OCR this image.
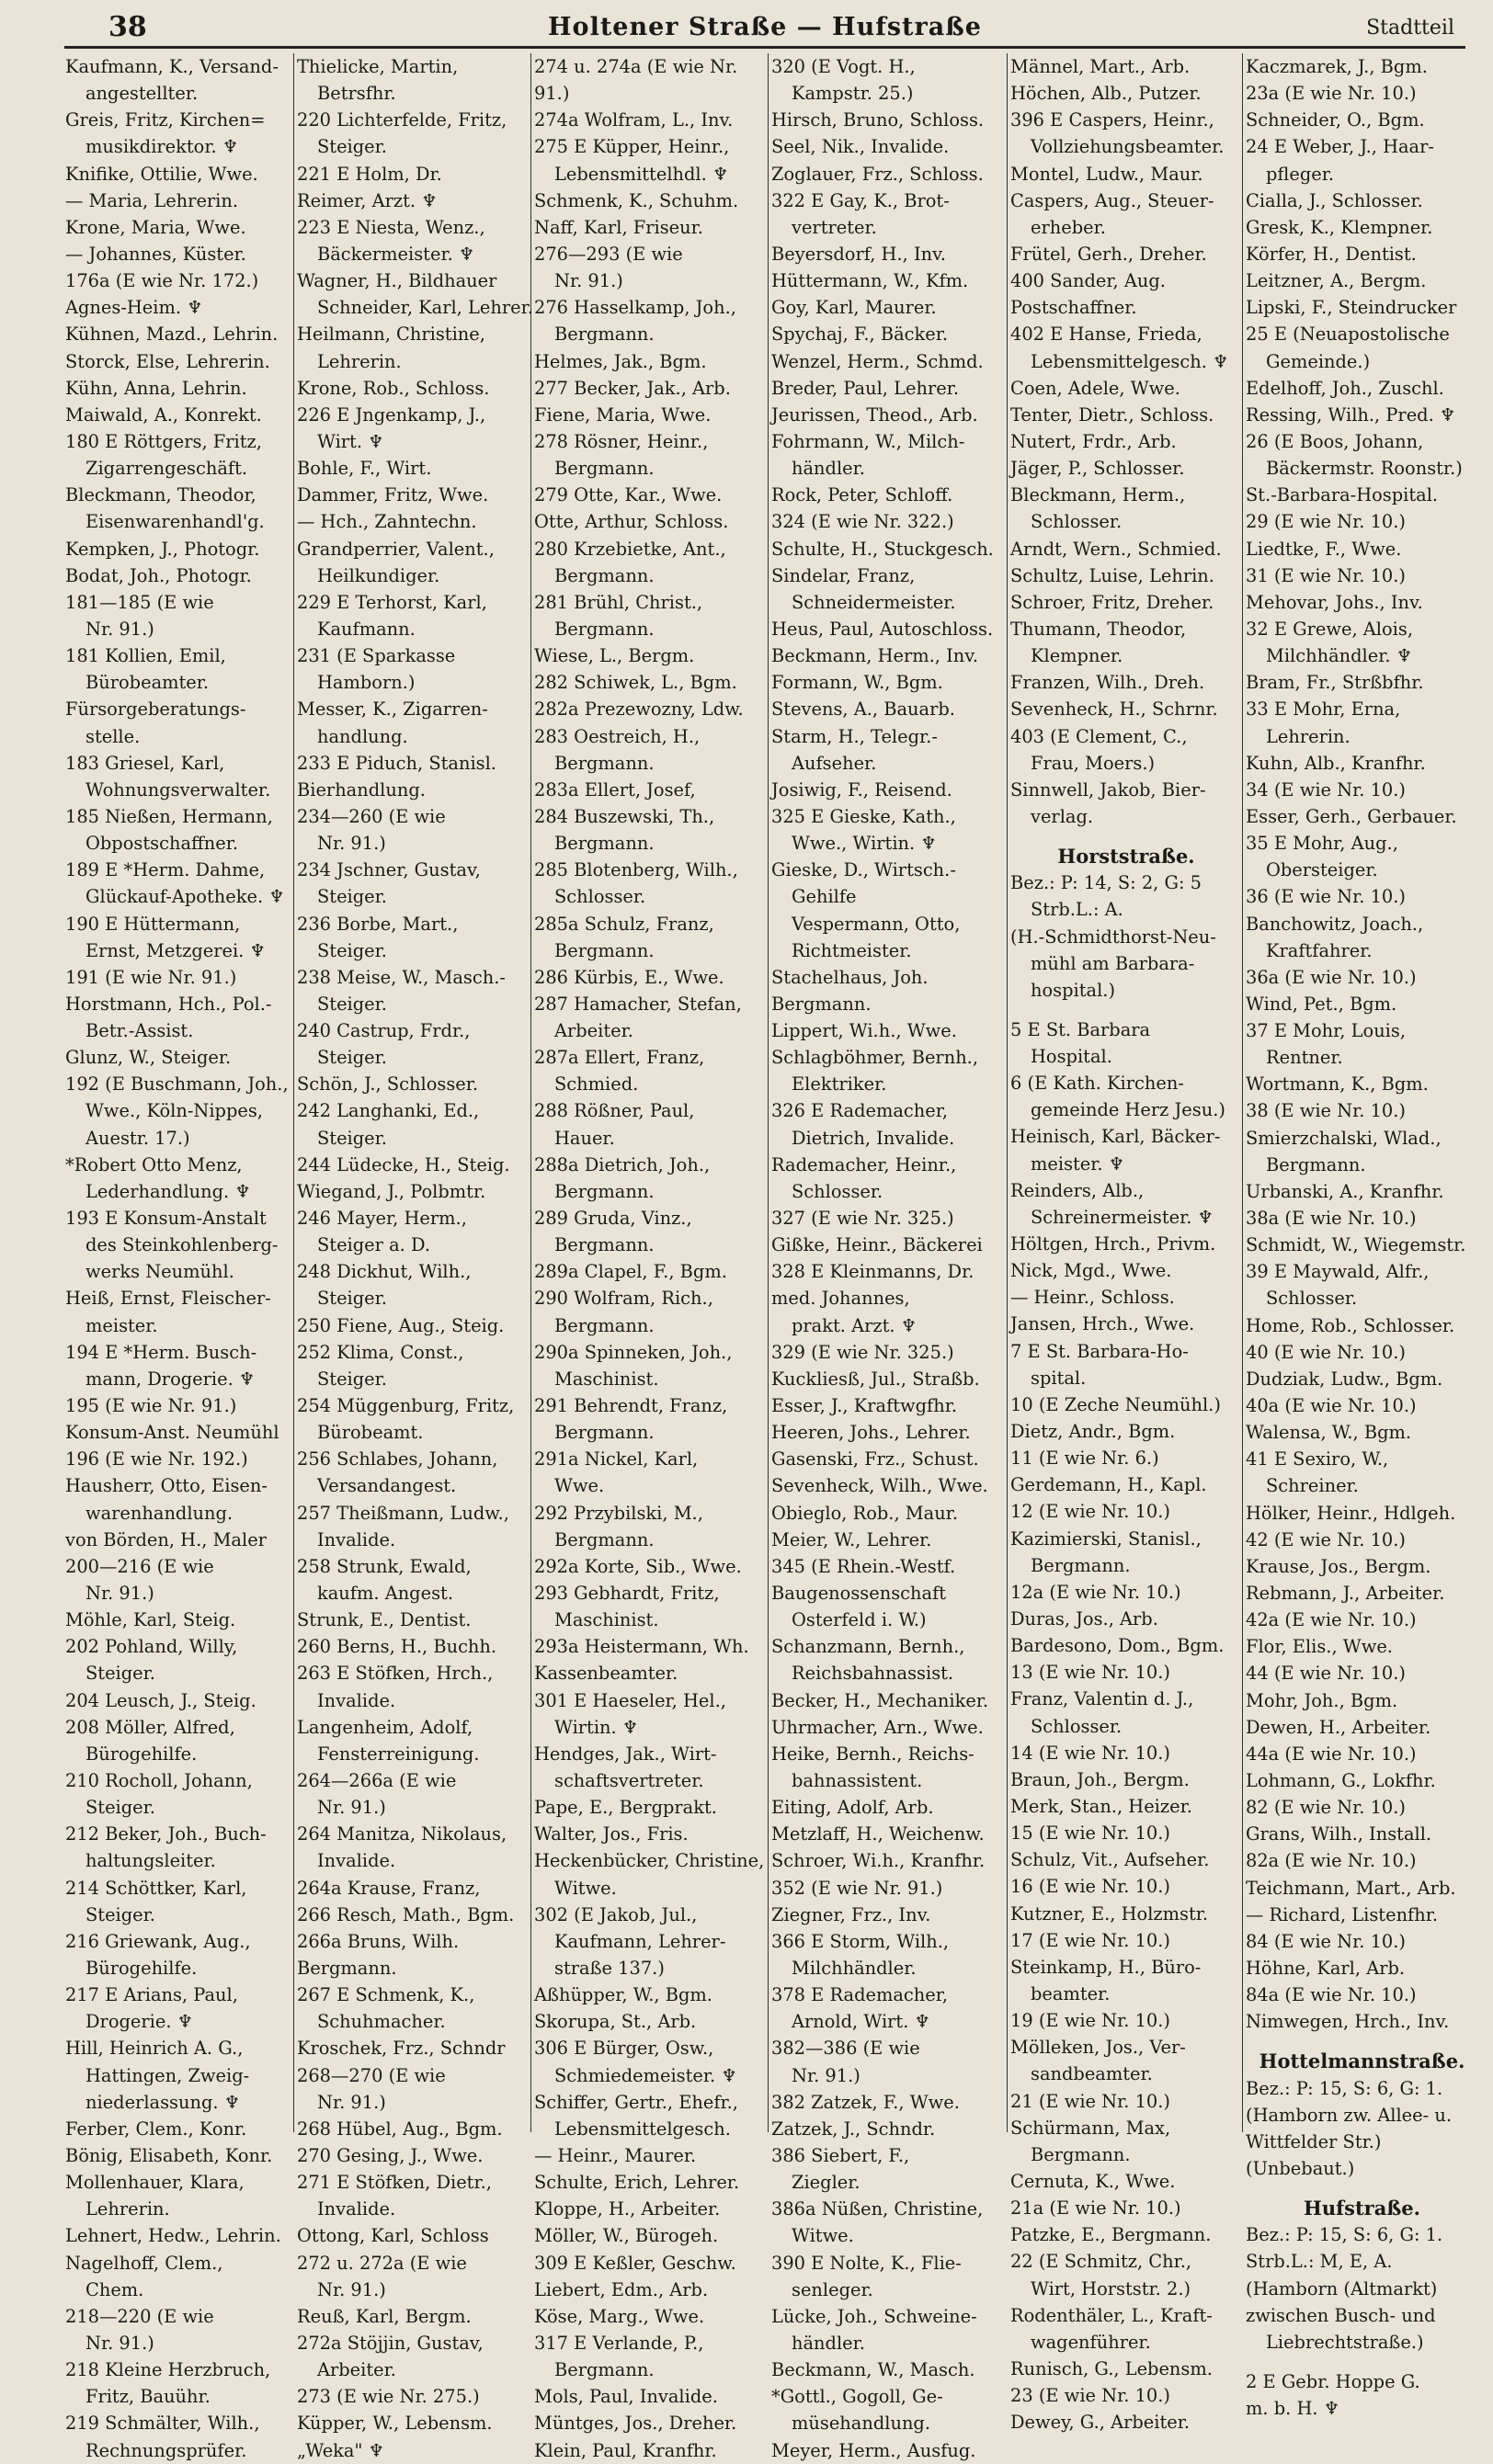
38	Holtener Straße — Hufstraße	Stadtteil
Kaufmann, K., Versand-
angestellter.
Greis, Fritz, Kirchen=
musikdirektor. ♆
Knifike, Ottilie, Wwe.
— Maria, Lehrerin.
Krone, Maria, Wwe.
— Johannes, Küster.
176a (E wie Nr. 172.)
Agnes-Heim. ♆
Kühnen, Mazd., Lehrin.
Storck, Else, Lehrerin.
Kühn, Anna, Lehrin.
Maiwald, A., Konrekt.
180 E Röttgers, Fritz,
Zigarrengeschäft.
Bleckmann, Theodor,
Eisenwarenhandl'g.
Kempken, J., Photogr.
Bodat, Joh., Photogr.
181—185 (E wie
Nr. 91.)
181 Kollien, Emil,
Bürobeamter.
Fürsorgeberatungs-
stelle.
183 Griesel, Karl,
Wohnungsverwalter.
185 Nießen, Hermann,
Obpostschaffner.
189 E *Herm. Dahme,
Glückauf-Apotheke. ♆
190 E Hüttermann,
Ernst, Metzgerei. ♆
191 (E wie Nr. 91.)
Horstmann, Hch., Pol.-
Betr.-Assist.
Glunz, W., Steiger.
192 (E Buschmann, Joh.,
Wwe., Köln-Nippes,
Auestr. 17.)
*Robert Otto Menz,
Lederhandlung. ♆
193 E Konsum-Anstalt
des Steinkohlenberg-
werks Neumühl.
Heiß, Ernst, Fleischer-
meister.
194 E *Herm. Busch-
mann, Drogerie. ♆
195 (E wie Nr. 91.)
Konsum-Anst. Neumühl
196 (E wie Nr. 192.)
Hausherr, Otto, Eisen-
warenhandlung.
von Börden, H., Maler
200—216 (E wie
Nr. 91.)
Möhle, Karl, Steig.
202 Pohland, Willy,
Steiger.
204 Leusch, J., Steig.
208 Möller, Alfred,
Bürogehilfe.
210 Rocholl, Johann,
Steiger.
212 Beker, Joh., Buch-
haltungsleiter.
214 Schöttker, Karl,
Steiger.
216 Griewank, Aug.,
Bürogehilfe.
217 E Arians, Paul,
Drogerie. ♆
Hill, Heinrich A. G.,
Hattingen, Zweig-
niederlassung. ♆
Ferber, Clem., Konr.
Bönig, Elisabeth, Konr.
Mollenhauer, Klara,
Lehrerin.
Lehnert, Hedw., Lehrin.
Nagelhoff, Clem.,
Chem.
218—220 (E wie
Nr. 91.)
218 Kleine Herzbruch,
Fritz, Bauühr.
219 Schmälter, Wilh.,
Rechnungsprüfer.
Thielicke, Martin,
Betrsfhr.
220 Lichterfelde, Fritz,
Steiger.
221 E Holm, Dr.
Reimer, Arzt. ♆
223 E Niesta, Wenz.,
Bäckermeister. ♆
Wagner, H., Bildhauer
Schneider, Karl, Lehrer.
Heilmann, Christine,
Lehrerin.
Krone, Rob., Schloss.
226 E Jngenkamp, J.,
Wirt. ♆
Bohle, F., Wirt.
Dammer, Fritz, Wwe.
— Hch., Zahntechn.
Grandperrier, Valent.,
Heilkundiger.
229 E Terhorst, Karl,
Kaufmann.
231 (E Sparkasse
Hamborn.)
Messer, K., Zigarren-
handlung.
233 E Piduch, Stanisl.
Bierhandlung.
234—260 (E wie
Nr. 91.)
234 Jschner, Gustav,
Steiger.
236 Borbe, Mart.,
Steiger.
238 Meise, W., Masch.-
Steiger.
240 Castrup, Frdr.,
Steiger.
Schön, J., Schlosser.
242 Langhanki, Ed.,
Steiger.
244 Lüdecke, H., Steig.
Wiegand, J., Polbmtr.
246 Mayer, Herm.,
Steiger a. D.
248 Dickhut, Wilh.,
Steiger.
250 Fiene, Aug., Steig.
252 Klima, Const.,
Steiger.
254 Müggenburg, Fritz,
Bürobeamt.
256 Schlabes, Johann,
Versandangest.
257 Theißmann, Ludw.,
Invalide.
258 Strunk, Ewald,
kaufm. Angest.
Strunk, E., Dentist.
260 Berns, H., Buchh.
263 E Stöfken, Hrch.,
Invalide.
Langenheim, Adolf,
Fensterreinigung.
264—266a (E wie
Nr. 91.)
264 Manitza, Nikolaus,
Invalide.
264a Krause, Franz,
266 Resch, Math., Bgm.
266a Bruns, Wilh.
Bergmann.
267 E Schmenk, K.,
Schuhmacher.
Kroschek, Frz., Schndr
268—270 (E wie
Nr. 91.)
268 Hübel, Aug., Bgm.
270 Gesing, J., Wwe.
271 E Stöfken, Dietr.,
Invalide.
Ottong, Karl, Schloss
272 u. 272a (E wie
Nr. 91.)
Reuß, Karl, Bergm.
272a Stöjjin, Gustav,
Arbeiter.
273 (E wie Nr. 275.)
Küpper, W., Lebensm.
„Weka" ♆
274 u. 274a (E wie Nr.
91.)
274a Wolfram, L., Inv.
275 E Küpper, Heinr.,
Lebensmittelhdl. ♆
Schmenk, K., Schuhm.
Naff, Karl, Friseur.
276—293 (E wie
Nr. 91.)
276 Hasselkamp, Joh.,
Bergmann.
Helmes, Jak., Bgm.
277 Becker, Jak., Arb.
Fiene, Maria, Wwe.
278 Rösner, Heinr.,
Bergmann.
279 Otte, Kar., Wwe.
Otte, Arthur, Schloss.
280 Krzebietke, Ant.,
Bergmann.
281 Brühl, Christ.,
Bergmann.
Wiese, L., Bergm.
282 Schiwek, L., Bgm.
282a Prezewozny, Ldw.
283 Oestreich, H.,
Bergmann.
283a Ellert, Josef,
284 Buszewski, Th.,
Bergmann.
285 Blotenberg, Wilh.,
Schlosser.
285a Schulz, Franz,
Bergmann.
286 Kürbis, E., Wwe.
287 Hamacher, Stefan,
Arbeiter.
287a Ellert, Franz,
Schmied.
288 Rößner, Paul,
Hauer.
288a Dietrich, Joh.,
Bergmann.
289 Gruda, Vinz.,
Bergmann.
289a Clapel, F., Bgm.
290 Wolfram, Rich.,
Bergmann.
290a Spinneken, Joh.,
Maschinist.
291 Behrendt, Franz,
Bergmann.
291a Nickel, Karl,
Wwe.
292 Przybilski, M.,
Bergmann.
292a Korte, Sib., Wwe.
293 Gebhardt, Fritz,
Maschinist.
293a Heistermann, Wh.
Kassenbeamter.
301 E Haeseler, Hel.,
Wirtin. ♆
Hendges, Jak., Wirt-
schaftsvertreter.
Pape, E., Bergprakt.
Walter, Jos., Fris.
Heckenbücker, Christine,
Witwe.
302 (E Jakob, Jul.,
Kaufmann, Lehrer-
straße 137.)
Aßhüpper, W., Bgm.
Skorupa, St., Arb.
306 E Bürger, Osw.,
Schmiedemeister. ♆
Schiffer, Gertr., Ehefr.,
Lebensmittelgesch.
— Heinr., Maurer.
Schulte, Erich, Lehrer.
Kloppe, H., Arbeiter.
Möller, W., Bürogeh.
309 E Keßler, Geschw.
Liebert, Edm., Arb.
Köse, Marg., Wwe.
317 E Verlande, P.,
Bergmann.
Mols, Paul, Invalide.
Müntges, Jos., Dreher.
Klein, Paul, Kranfhr.
320 (E Vogt. H.,
Kampstr. 25.)
Hirsch, Bruno, Schloss.
Seel, Nik., Invalide.
Zoglauer, Frz., Schloss.
322 E Gay, K., Brot-
vertreter.
Beyersdorf, H., Inv.
Hüttermann, W., Kfm.
Goy, Karl, Maurer.
Spychaj, F., Bäcker.
Wenzel, Herm., Schmd.
Breder, Paul, Lehrer.
Jeurissen, Theod., Arb.
Fohrmann, W., Milch-
händler.
Rock, Peter, Schloff.
324 (E wie Nr. 322.)
Schulte, H., Stuckgesch.
Sindelar, Franz,
Schneidermeister.
Heus, Paul, Autoschloss.
Beckmann, Herm., Inv.
Formann, W., Bgm.
Stevens, A., Bauarb.
Starm, H., Telegr.-
Aufseher.
Josiwig, F., Reisend.
325 E Gieske, Kath.,
Wwe., Wirtin. ♆
Gieske, D., Wirtsch.-
Gehilfe
Vespermann, Otto,
Richtmeister.
Stachelhaus, Joh.
Bergmann.
Lippert, Wi.h., Wwe.
Schlagböhmer, Bernh.,
Elektriker.
326 E Rademacher,
Dietrich, Invalide.
Rademacher, Heinr.,
Schlosser.
327 (E wie Nr. 325.)
Gißke, Heinr., Bäckerei
328 E Kleinmanns, Dr.
med. Johannes,
prakt. Arzt. ♆
329 (E wie Nr. 325.)
Kuckliesß, Jul., Straßb.
Esser, J., Kraftwgfhr.
Heeren, Johs., Lehrer.
Gasenski, Frz., Schust.
Sevenheck, Wilh., Wwe.
Obieglo, Rob., Maur.
Meier, W., Lehrer.
345 (E Rhein.-Westf.
Baugenossenschaft
Osterfeld i. W.)
Schanzmann, Bernh.,
Reichsbahnassist.
Becker, H., Mechaniker.
Uhrmacher, Arn., Wwe.
Heike, Bernh., Reichs-
bahnassistent.
Eiting, Adolf, Arb.
Metzlaff, H., Weichenw.
Schroer, Wi.h., Kranfhr.
352 (E wie Nr. 91.)
Ziegner, Frz., Inv.
366 E Storm, Wilh.,
Milchhändler.
378 E Rademacher,
Arnold, Wirt. ♆
382—386 (E wie
Nr. 91.)
382 Zatzek, F., Wwe.
Zatzek, J., Schndr.
386 Siebert, F.,
Ziegler.
386a Nüßen, Christine,
Witwe.
390 E Nolte, K., Flie-
senleger.
Lücke, Joh., Schweine-
händler.
Beckmann, W., Masch.
*Gottl., Gogoll, Ge-
müsehandlung.
Meyer, Herm., Ausfug.
Männel, Mart., Arb.
Höchen, Alb., Putzer.
396 E Caspers, Heinr.,
Vollziehungsbeamter.
Montel, Ludw., Maur.
Caspers, Aug., Steuer-
erheber.
Frütel, Gerh., Dreher.
400 Sander, Aug.
Postschaffner.
402 E Hanse, Frieda,
Lebensmittelgesch. ♆
Coen, Adele, Wwe.
Tenter, Dietr., Schloss.
Nutert, Frdr., Arb.
Jäger, P., Schlosser.
Bleckmann, Herm.,
Schlosser.
Arndt, Wern., Schmied.
Schultz, Luise, Lehrin.
Schroer, Fritz, Dreher.
Thumann, Theodor,
Klempner.
Franzen, Wilh., Dreh.
Sevenheck, H., Schrnr.
403 (E Clement, C.,
Frau, Moers.)
Sinnwell, Jakob, Bier-
verlag.
Horststraße.
Bez.: P: 14, S: 2, G: 5
Strb.L.: A.
(H.-Schmidthorst-Neu-
mühl am Barbara-
hospital.)
5 E St. Barbara
Hospital.
6 (E Kath. Kirchen-
gemeinde Herz Jesu.)
Heinisch, Karl, Bäcker-
meister. ♆
Reinders, Alb.,
Schreinermeister. ♆
Höltgen, Hrch., Privm.
Nick, Mgd., Wwe.
— Heinr., Schloss.
Jansen, Hrch., Wwe.
7 E St. Barbara-Ho-
spital.
10 (E Zeche Neumühl.)
Dietz, Andr., Bgm.
11 (E wie Nr. 6.)
Gerdemann, H., Kapl.
12 (E wie Nr. 10.)
Kazimierski, Stanisl.,
Bergmann.
12a (E wie Nr. 10.)
Duras, Jos., Arb.
Bardesono, Dom., Bgm.
13 (E wie Nr. 10.)
Franz, Valentin d. J.,
Schlosser.
14 (E wie Nr. 10.)
Braun, Joh., Bergm.
Merk, Stan., Heizer.
15 (E wie Nr. 10.)
Schulz, Vit., Aufseher.
16 (E wie Nr. 10.)
Kutzner, E., Holzmstr.
17 (E wie Nr. 10.)
Steinkamp, H., Büro-
beamter.
19 (E wie Nr. 10.)
Mölleken, Jos., Ver-
sandbeamter.
21 (E wie Nr. 10.)
Schürmann, Max,
Bergmann.
Cernuta, K., Wwe.
21a (E wie Nr. 10.)
Patzke, E., Bergmann.
22 (E Schmitz, Chr.,
Wirt, Horststr. 2.)
Rodenthäler, L., Kraft-
wagenführer.
Runisch, G., Lebensm.
23 (E wie Nr. 10.)
Dewey, G., Arbeiter.
Kaczmarek, J., Bgm.
23a (E wie Nr. 10.)
Schneider, O., Bgm.
24 E Weber, J., Haar-
pfleger.
Cialla, J., Schlosser.
Gresk, K., Klempner.
Körfer, H., Dentist.
Leitzner, A., Bergm.
Lipski, F., Steindrucker
25 E (Neuapostolische
Gemeinde.)
Edelhoff, Joh., Zuschl.
Ressing, Wilh., Pred. ♆
26 (E Boos, Johann,
Bäckermstr. Roonstr.)
St.-Barbara-Hospital.
29 (E wie Nr. 10.)
Liedtke, F., Wwe.
31 (E wie Nr. 10.)
Mehovar, Johs., Inv.
32 E Grewe, Alois,
Milchhändler. ♆
Bram, Fr., Strßbfhr.
33 E Mohr, Erna,
Lehrerin.
Kuhn, Alb., Kranfhr.
34 (E wie Nr. 10.)
Esser, Gerh., Gerbauer.
35 E Mohr, Aug.,
Obersteiger.
36 (E wie Nr. 10.)
Banchowitz, Joach.,
Kraftfahrer.
36a (E wie Nr. 10.)
Wind, Pet., Bgm.
37 E Mohr, Louis,
Rentner.
Wortmann, K., Bgm.
38 (E wie Nr. 10.)
Smierzchalski, Wlad.,
Bergmann.
Urbanski, A., Kranfhr.
38a (E wie Nr. 10.)
Schmidt, W., Wiegemstr.
39 E Maywald, Alfr.,
Schlosser.
Home, Rob., Schlosser.
40 (E wie Nr. 10.)
Dudziak, Ludw., Bgm.
40a (E wie Nr. 10.)
Walensa, W., Bgm.
41 E Sexiro, W.,
Schreiner.
Hölker, Heinr., Hdlgeh.
42 (E wie Nr. 10.)
Krause, Jos., Bergm.
Rebmann, J., Arbeiter.
42a (E wie Nr. 10.)
Flor, Elis., Wwe.
44 (E wie Nr. 10.)
Mohr, Joh., Bgm.
Dewen, H., Arbeiter.
44a (E wie Nr. 10.)
Lohmann, G., Lokfhr.
82 (E wie Nr. 10.)
Grans, Wilh., Install.
82a (E wie Nr. 10.)
Teichmann, Mart., Arb.
— Richard, Listenfhr.
84 (E wie Nr. 10.)
Höhne, Karl, Arb.
84a (E wie Nr. 10.)
Nimwegen, Hrch., Inv.
Hottelmannstraße.
Bez.: P: 15, S: 6, G: 1.
(Hamborn zw. Allee- u.
Wittfelder Str.)
(Unbebaut.)
Hufstraße.
Bez.: P: 15, S: 6, G: 1.
Strb.L.: M, E, A.
(Hamborn (Altmarkt)
zwischen Busch- und
Liebrechtstraße.)
2 E Gebr. Hoppe G.
m. b. H. ♆
